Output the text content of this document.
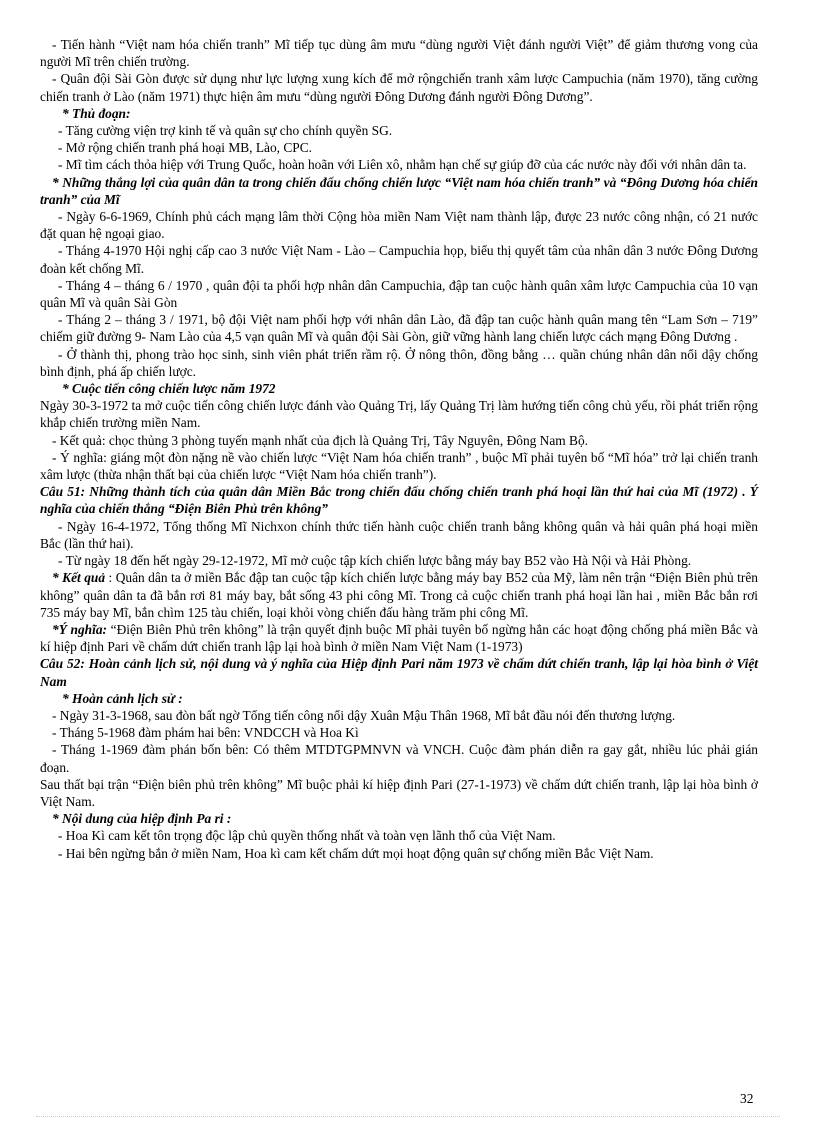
- Tiến hành “Việt nam hóa chiến tranh” Mĩ tiếp tục dùng âm mưu “dùng người Việt đánh người Việt” để giảm thương vong của người Mĩ trên chiến trường.

- Quân đội Sài Gòn được sử dụng như lực lượng xung kích để mở rộngchiến tranh xâm lược Campuchia (năm 1970), tăng cường chiến tranh ở Lào (năm 1971) thực hiện âm mưu “dùng người Đông Dương đánh người Đông Dương”.

* Thủ đoạn:

- Tăng cường viện trợ kinh tế và quân sự cho chính quyền SG.

- Mở rộng chiến tranh phá hoại MB, Lào, CPC.

- Mĩ tìm cách thỏa hiệp với Trung Quốc, hoàn hoãn với Liên xô, nhằm hạn chế sự giúp đỡ của các nước này đối với nhân dân ta.

* Những thắng lợi của quân dân ta trong chiến đấu chống chiến lược “Việt nam hóa chiến tranh” và “Đông Dương hóa chiến tranh” của Mĩ

- Ngày 6-6-1969, Chính phủ cách mạng lâm thời Cộng hòa miền Nam Việt nam thành lập, được 23 nước công nhận, có 21 nước đặt quan hệ ngoại giao.

- Tháng 4-1970 Hội nghị cấp cao 3 nước Việt Nam - Lào – Campuchia họp, biểu thị quyết tâm của nhân dân 3 nước Đông Dương đoàn kết chống Mĩ.

- Tháng 4 – tháng 6 / 1970 , quân đội ta phối hợp nhân dân Campuchia, đập tan cuộc hành quân xâm lược Campuchia của 10 vạn quân Mĩ và quân Sài Gòn

- Tháng 2 – tháng 3 / 1971, bộ đội Việt nam phối hợp với nhân dân Lào, đã đập tan cuộc hành quân mang tên “Lam Sơn – 719” chiếm giữ đường 9- Nam Lào của 4,5 vạn quân Mĩ và quân đội Sài Gòn, giữ vững hành lang chiến lược cách mạng Đông Dương .

- Ở thành thị, phong trào học sinh, sinh viên phát triển rầm rộ. Ở nông thôn, đồng bằng … quần chúng nhân dân nổi dậy chống bình định, phá ấp chiến lược.

* Cuộc tiến công chiến lược năm 1972

Ngày 30-3-1972 ta mở cuộc tiến công chiến lược đánh vào Quảng Trị, lấy Quảng Trị làm hướng tiến công chủ yếu, rồi phát triển rộng khắp chiến trường miền Nam.

- Kết quả: chọc thủng 3 phòng tuyến mạnh nhất của địch là Quảng Trị, Tây Nguyên, Đông Nam Bộ.

- Ý nghĩa: giáng một đòn nặng nề vào chiến lược “Việt Nam hóa chiến tranh” , buộc Mĩ phải tuyên bố “Mĩ hóa” trở lại chiến tranh xâm lược (thừa nhận thất bại của chiến lược “Việt Nam hóa chiến tranh”).

Câu 51: Những thành tích của quân dân Miền Bắc trong chiến đấu chống chiến tranh phá hoại lần thứ hai của Mĩ (1972) . Ý nghĩa của chiến thắng “Điện Biên Phủ trên không”

- Ngày 16-4-1972, Tổng thống Mĩ Nichxon chính thức tiến hành cuộc chiến tranh bằng không quân và hải quân phá hoại miền Bắc (lần thứ hai).

- Từ ngày 18 đến hết ngày 29-12-1972, Mĩ mở cuộc tập kích chiến lược bằng máy bay B52 vào Hà Nội và Hải Phòng.

* Kết quả : Quân dân ta ở miền Bắc đập tan cuộc tập kích chiến lược bằng máy bay B52 của Mỹ, làm nên trận “Điện Biên phủ trên không” quân dân ta đã bắn rơi 81 máy bay, bắt sống 43 phi công Mĩ. Trong cả cuộc chiến tranh phá hoại lần hai , miền Bắc bắn rơi 735 máy bay Mĩ, bắn chìm 125 tàu chiến, loại khỏi vòng chiến đấu hàng trăm phi công Mĩ.

*Ý nghĩa: “Điện Biên Phủ trên không” là trận quyết định buộc Mĩ phải tuyên bố ngừng hẳn các hoạt động chống phá miền Bắc và kí hiệp định Pari về chấm dứt chiến tranh lập lại hoà bình ở miền Nam Việt Nam (1-1973)

Câu 52: Hoàn cảnh lịch sử, nội dung và ý nghĩa của Hiệp định Pari năm 1973 về chấm dứt chiến tranh, lập lại hòa bình ở Việt Nam

* Hoàn cảnh lịch sử :

- Ngày 31-3-1968, sau đòn bất ngờ Tổng tiến công nổi dậy Xuân Mậu Thân 1968, Mĩ bắt đầu nói đến thương lượng.

- Tháng 5-1968 đàm phám hai bên: VNDCCH và Hoa Kì

- Tháng 1-1969 đàm phán bốn bên: Có thêm MTDTGPMNVN và VNCH. Cuộc đàm phán diễn ra gay gắt, nhiều lúc phải gián đoạn.

Sau thất bại trận “Điện biên phủ trên không” Mĩ buộc phải kí hiệp định Pari (27-1-1973) về chấm dứt chiến tranh, lập lại hòa bình ở Việt Nam.

* Nội dung của hiệp định Pa ri :

- Hoa Kì cam kết tôn trọng độc lập chủ quyền thống nhất và toàn vẹn lãnh thổ của Việt Nam.

- Hai bên ngừng bắn ở miền Nam, Hoa kì cam kết chấm dứt mọi hoạt động quân sự chống miền Bắc Việt Nam.

32
